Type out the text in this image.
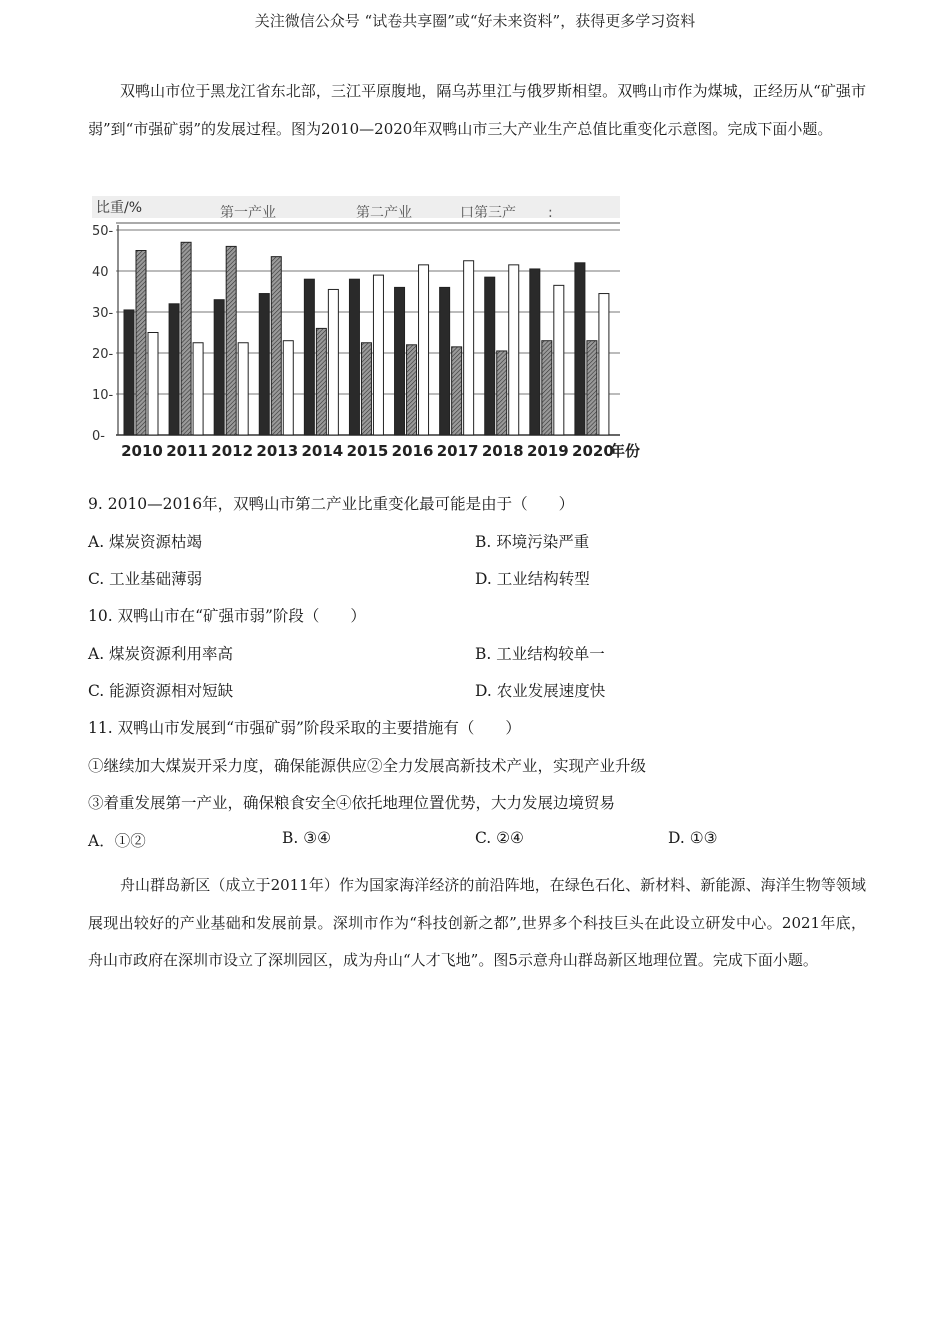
关注微信公众号 “试卷共享圈”或“好未来资料”，获得更多学习资料
双鸭山市位于黑龙江省东北部，三江平原腹地，隔乌苏里江与俄罗斯相望。双鸭山市作为煤城，正经历从“矿强市弱”到“市强矿弱”的发展过程。图为2010—2020年双鸭山市三大产业生产总值比重变化示意图。完成下面小题。
比重/%	第一产业	第二产业	口第三产 :
0-
10-
20-
30-
40
50-
2010 2011 2012 2013 2014 2015 2016 2017 2018 2019 2020
年份
9. 2010—2016年，双鸭山市第二产业比重变化最可能是由于（　　）
A. 煤炭资源枯竭	B. 环境污染严重
C. 工业基础薄弱	D. 工业结构转型
10. 双鸭山市在“矿强市弱”阶段（　　）
A. 煤炭资源利用率高	B. 工业结构较单一
C. 能源资源相对短缺	D. 农业发展速度快
11. 双鸭山市发展到“市强矿弱”阶段采取的主要措施有（　　）
①继续加大煤炭开采力度，确保能源供应②全力发展高新技术产业，实现产业升级
③着重发展第一产业，确保粮食安全④依托地理位置优势，大力发展边境贸易
A．①②	B. ③④	C. ②④	D. ①③
舟山群岛新区（成立于2011年）作为国家海洋经济的前沿阵地，在绿色石化、新材料、新能源、海洋生物等领域展现出较好的产业基础和发展前景。深圳市作为“科技创新之都”,世界多个科技巨头在此设立研发中心。2021年底，舟山市政府在深圳市设立了深圳园区，成为舟山“人才飞地”。图5示意舟山群岛新区地理位置。完成下面小题。
